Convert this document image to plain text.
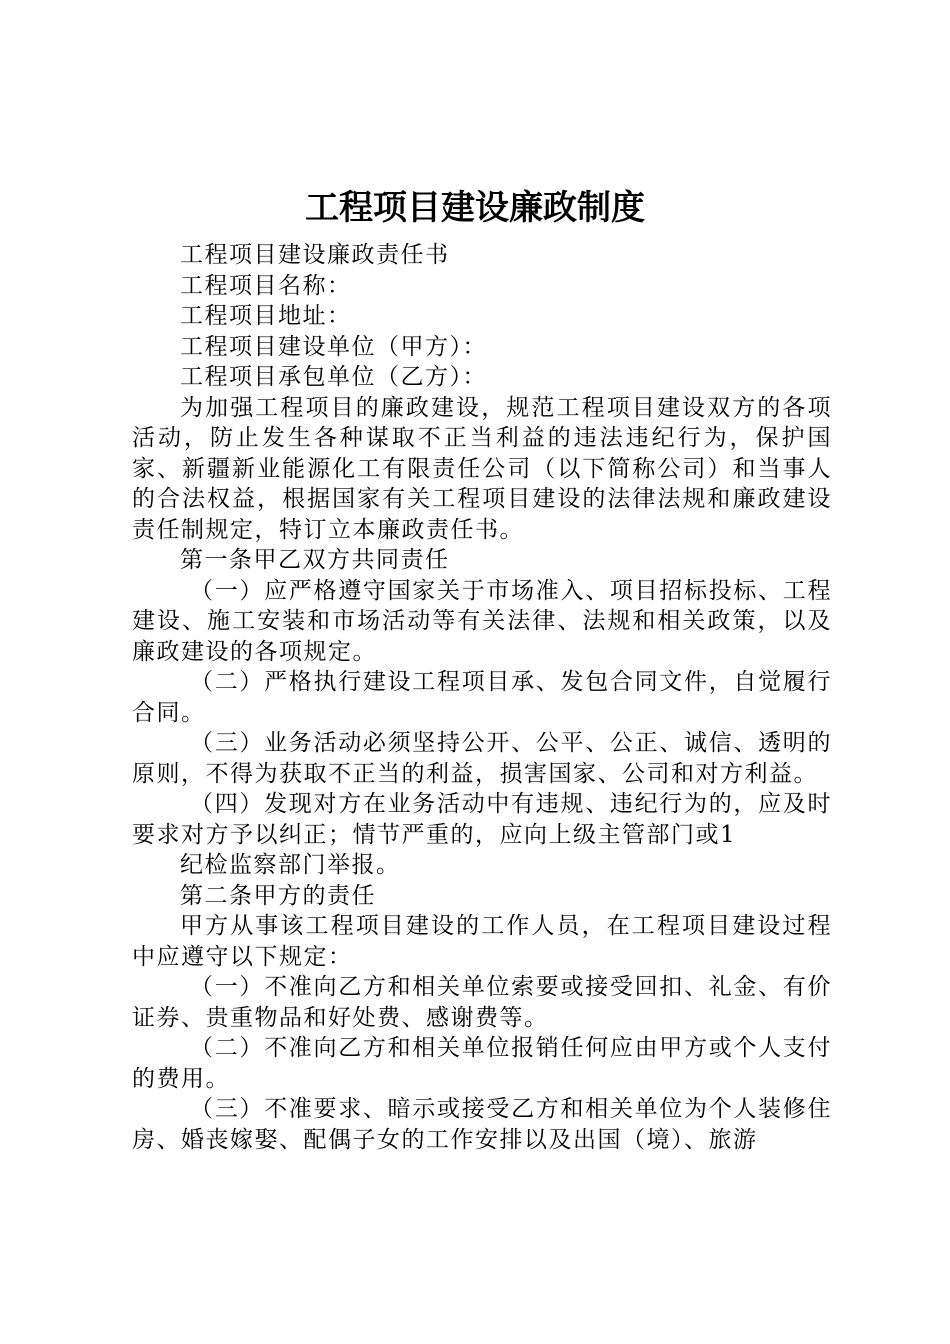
工程项目建设廉政制度

工程项目建设廉政责任书

工程项目名称：

工程项目地址：

工程项目建设单位（甲方）：

工程项目承包单位（乙方）：

为加强工程项目的廉政建设，规范工程项目建设双方的各项活动，防止发生各种谋取不正当利益的违法违纪行为，保护国家、新疆新业能源化工有限责任公司（以下简称公司）和当事人的合法权益，根据国家有关工程项目建设的法律法规和廉政建设责任制规定，特订立本廉政责任书。

第一条甲乙双方共同责任

（一）应严格遵守国家关于市场准入、项目招标投标、工程建设、施工安装和市场活动等有关法律、法规和相关政策，以及廉政建设的各项规定。

（二）严格执行建设工程项目承、发包合同文件，自觉履行合同。

（三）业务活动必须坚持公开、公平、公正、诚信、透明的原则，不得为获取不正当的利益，损害国家、公司和对方利益。

（四）发现对方在业务活动中有违规、违纪行为的，应及时要求对方予以纠正；情节严重的，应向上级主管部门或1

纪检监察部门举报。

第二条甲方的责任

甲方从事该工程项目建设的工作人员，在工程项目建设过程中应遵守以下规定：

（一）不准向乙方和相关单位索要或接受回扣、礼金、有价证券、贵重物品和好处费、感谢费等。

（二）不准向乙方和相关单位报销任何应由甲方或个人支付的费用。

（三）不准要求、暗示或接受乙方和相关单位为个人装修住房、婚丧嫁娶、配偶子女的工作安排以及出国（境）、旅游
